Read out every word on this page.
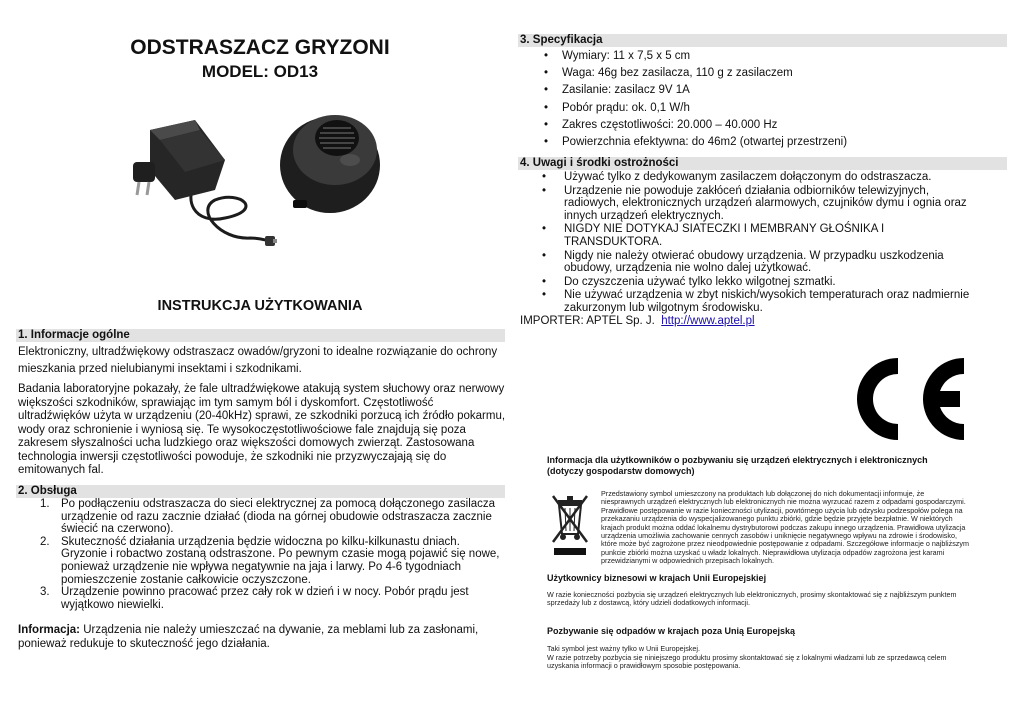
ODSTRASZACZ GRYZONI
MODEL: OD13
INSTRUKCJA UŻYTKOWANIA
1. Informacje ogólne
Elektroniczny, ultradźwiękowy odstraszacz owadów/gryzoni to idealne rozwiązanie do ochrony
mieszkania przed nielubianymi insektami i szkodnikami.
Badania laboratoryjne pokazały, że fale ultradźwiękowe atakują system słuchowy oraz nerwowy większości szkodników, sprawiając im tym samym ból i dyskomfort. Częstotliwość ultradźwięków użyta w urządzeniu (20-40kHz) sprawi, ze szkodniki porzucą ich źródło pokarmu, wody oraz schronienie i wyniosą się. Te wysokoczęstotliwościowe fale znajdują się poza zakresem słyszalności ucha ludzkiego oraz większości domowych zwierząt. Zastosowana technologia inwersji częstotliwości powoduje, że szkodniki nie przyzwyczajają się do emitowanych fal.
2. Obsługa
1. Po podłączeniu odstraszacza do sieci elektrycznej za pomocą dołączonego zasilacza urządzenie od razu zacznie działać (dioda na górnej obudowie odstraszacza zacznie świecić na czerwono).
2. Skuteczność działania urządzenia będzie widoczna po kilku-kilkunastu dniach. Gryzonie i robactwo zostaną odstraszone. Po pewnym czasie mogą pojawić się nowe, ponieważ urządzenie nie wpływa negatywnie na jaja i larwy. Po 4-6 tygodniach pomieszczenie zostanie całkowicie oczyszczone.
3. Urządzenie powinno pracować przez cały rok w dzień i w nocy. Pobór prądu jest wyjątkowo niewielki.
Informacja: Urządzenia nie należy umieszczać na dywanie, za meblami lub za zasłonami, ponieważ redukuje to skuteczność jego działania.
3. Specyfikacja
• Wymiary: 11 x 7,5 x 5 cm
• Waga: 46g bez zasilacza, 110 g z zasilaczem
• Zasilanie: zasilacz 9V 1A
• Pobór prądu: ok. 0,1 W/h
• Zakres częstotliwości: 20.000 – 40.000 Hz
• Powierzchnia efektywna: do 46m2 (otwartej przestrzeni)
4. Uwagi i środki ostrożności
• Używać tylko z dedykowanym zasilaczem dołączonym do odstraszacza.
• Urządzenie nie powoduje zakłóceń działania odbiorników telewizyjnych, radiowych, elektronicznych urządzeń alarmowych, czujników dymu i ognia oraz innych urządzeń elektrycznych.
• NIGDY NIE DOTYKAJ SIATECZKI I MEMBRANY GŁOŚNIKA I TRANSDUKTORA.
• Nigdy nie należy otwierać obudowy urządzenia. W przypadku uszkodzenia obudowy, urządzenia nie wolno dalej użytkować.
• Do czyszczenia używać tylko lekko wilgotnej szmatki.
• Nie używać urządzenia w zbyt niskich/wysokich temperaturach oraz nadmiernie zakurzonym lub wilgotnym środowisku.
IMPORTER: APTEL Sp. J. http://www.aptel.pl
Informacja dla użytkowników o pozbywaniu się urządzeń elektrycznych i elektronicznych (dotyczy gospodarstw domowych)
Przedstawiony symbol umieszczony na produktach lub dołączonej do nich dokumentacji informuje, że niesprawnych urządzeń elektrycznych lub elektronicznych nie można wyrzucać razem z odpadami gospodarczymi. Prawidłowe postępowanie w razie konieczności utylizacji, powtórnego użycia lub odzysku podzespołów polega na przekazaniu urządzenia do wyspecjalizowanego punktu zbiórki, gdzie będzie przyjęte bezpłatnie. W niektórych krajach produkt można oddać lokalnemu dystrybutorowi podczas zakupu innego urządzenia. Prawidłowa utylizacja urządzenia umożliwia zachowanie cennych zasobów i uniknięcie negatywnego wpływu na zdrowie i środowisko, które może być zagrożone przez nieodpowiednie postępowanie z odpadami. Szczegółowe informacje o najbliższym punkcie zbiórki można uzyskać u władz lokalnych. Nieprawidłowa utylizacja odpadów zagrożona jest karami przewidzianymi w odpowiednich przepisach lokalnych.
Użytkownicy biznesowi w krajach Unii Europejskiej
W razie konieczności pozbycia się urządzeń elektrycznych lub elektronicznych, prosimy skontaktować się z najbliższym punktem sprzedaży lub z dostawcą, który udzieli dodatkowych informacji.
Pozbywanie się odpadów w krajach poza Unią Europejską
Taki symbol jest ważny tylko w Unii Europejskej.
W razie potrzeby pozbycia się niniejszego produktu prosimy skontaktować się z lokalnymi władzami lub ze sprzedawcą celem uzyskania informacji o prawidłowym sposobie postępowania.
